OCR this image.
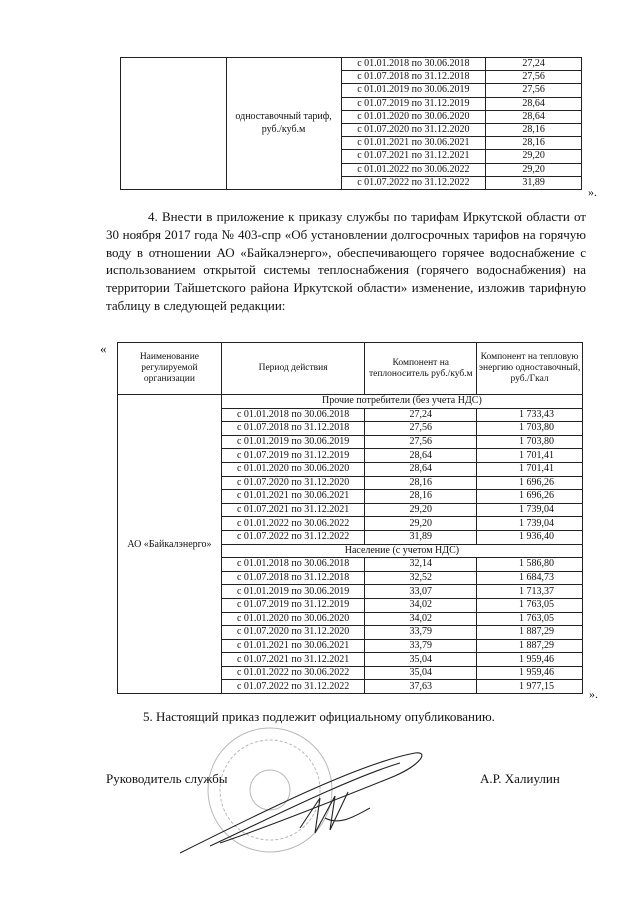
	одноставочный тариф, руб./куб.м	с 01.01.2018 по 30.06.2018	27,24
		с 01.07.2018 по 31.12.2018	27,56
		с 01.01.2019 по 30.06.2019	27,56
		с 01.07.2019 по 31.12.2019	28,64
		с 01.01.2020 по 30.06.2020	28,64
		с 01.07.2020 по 31.12.2020	28,16
		с 01.01.2021 по 30.06.2021	28,16
		с 01.07.2021 по 31.12.2021	29,20
		с 01.01.2022 по 30.06.2022	29,20
		с 01.07.2022 по 31.12.2022	31,89
».
4. Внести в приложение к приказу службы по тарифам Иркутской области от 30 ноября 2017 года № 403-спр «Об установлении долгосрочных тарифов на горячую воду в отношении АО «Байкалэнерго», обеспечивающего горячее водоснабжение с использованием открытой системы теплоснабжения (горячего водоснабжения) на территории Тайшетского района Иркутской области» изменение, изложив тарифную таблицу в следующей редакции:
«
Наименование регулируемой организации	Период действия	Компонент на теплоноситель руб./куб.м	Компонент на тепловую энергию одноставочный, руб./Гкал
АО «Байкалэнерго»	Прочие потребители (без учета НДС)		
	с 01.01.2018 по 30.06.2018	27,24	1 733,43
	с 01.07.2018 по 31.12.2018	27,56	1 703,80
	с 01.01.2019 по 30.06.2019	27,56	1 703,80
	с 01.07.2019 по 31.12.2019	28,64	1 701,41
	с 01.01.2020 по 30.06.2020	28,64	1 701,41
	с 01.07.2020 по 31.12.2020	28,16	1 696,26
	с 01.01.2021 по 30.06.2021	28,16	1 696,26
	с 01.07.2021 по 31.12.2021	29,20	1 739,04
	с 01.01.2022 по 30.06.2022	29,20	1 739,04
	с 01.07.2022 по 31.12.2022	31,89	1 936,40
	Население (с учетом НДС)		
	с 01.01.2018 по 30.06.2018	32,14	1 586,80
	с 01.07.2018 по 31.12.2018	32,52	1 684,73
	с 01.01.2019 по 30.06.2019	33,07	1 713,37
	с 01.07.2019 по 31.12.2019	34,02	1 763,05
	с 01.01.2020 по 30.06.2020	34,02	1 763,05
	с 01.07.2020 по 31.12.2020	33,79	1 887,29
	с 01.01.2021 по 30.06.2021	33,79	1 887,29
	с 01.07.2021 по 31.12.2021	35,04	1 959,46
	с 01.01.2022 по 30.06.2022	35,04	1 959,46
	с 01.07.2022 по 31.12.2022	37,63	1 977,15
».
5. Настоящий приказ подлежит официальному опубликованию.
Руководитель службы	А.Р. Халиулин
